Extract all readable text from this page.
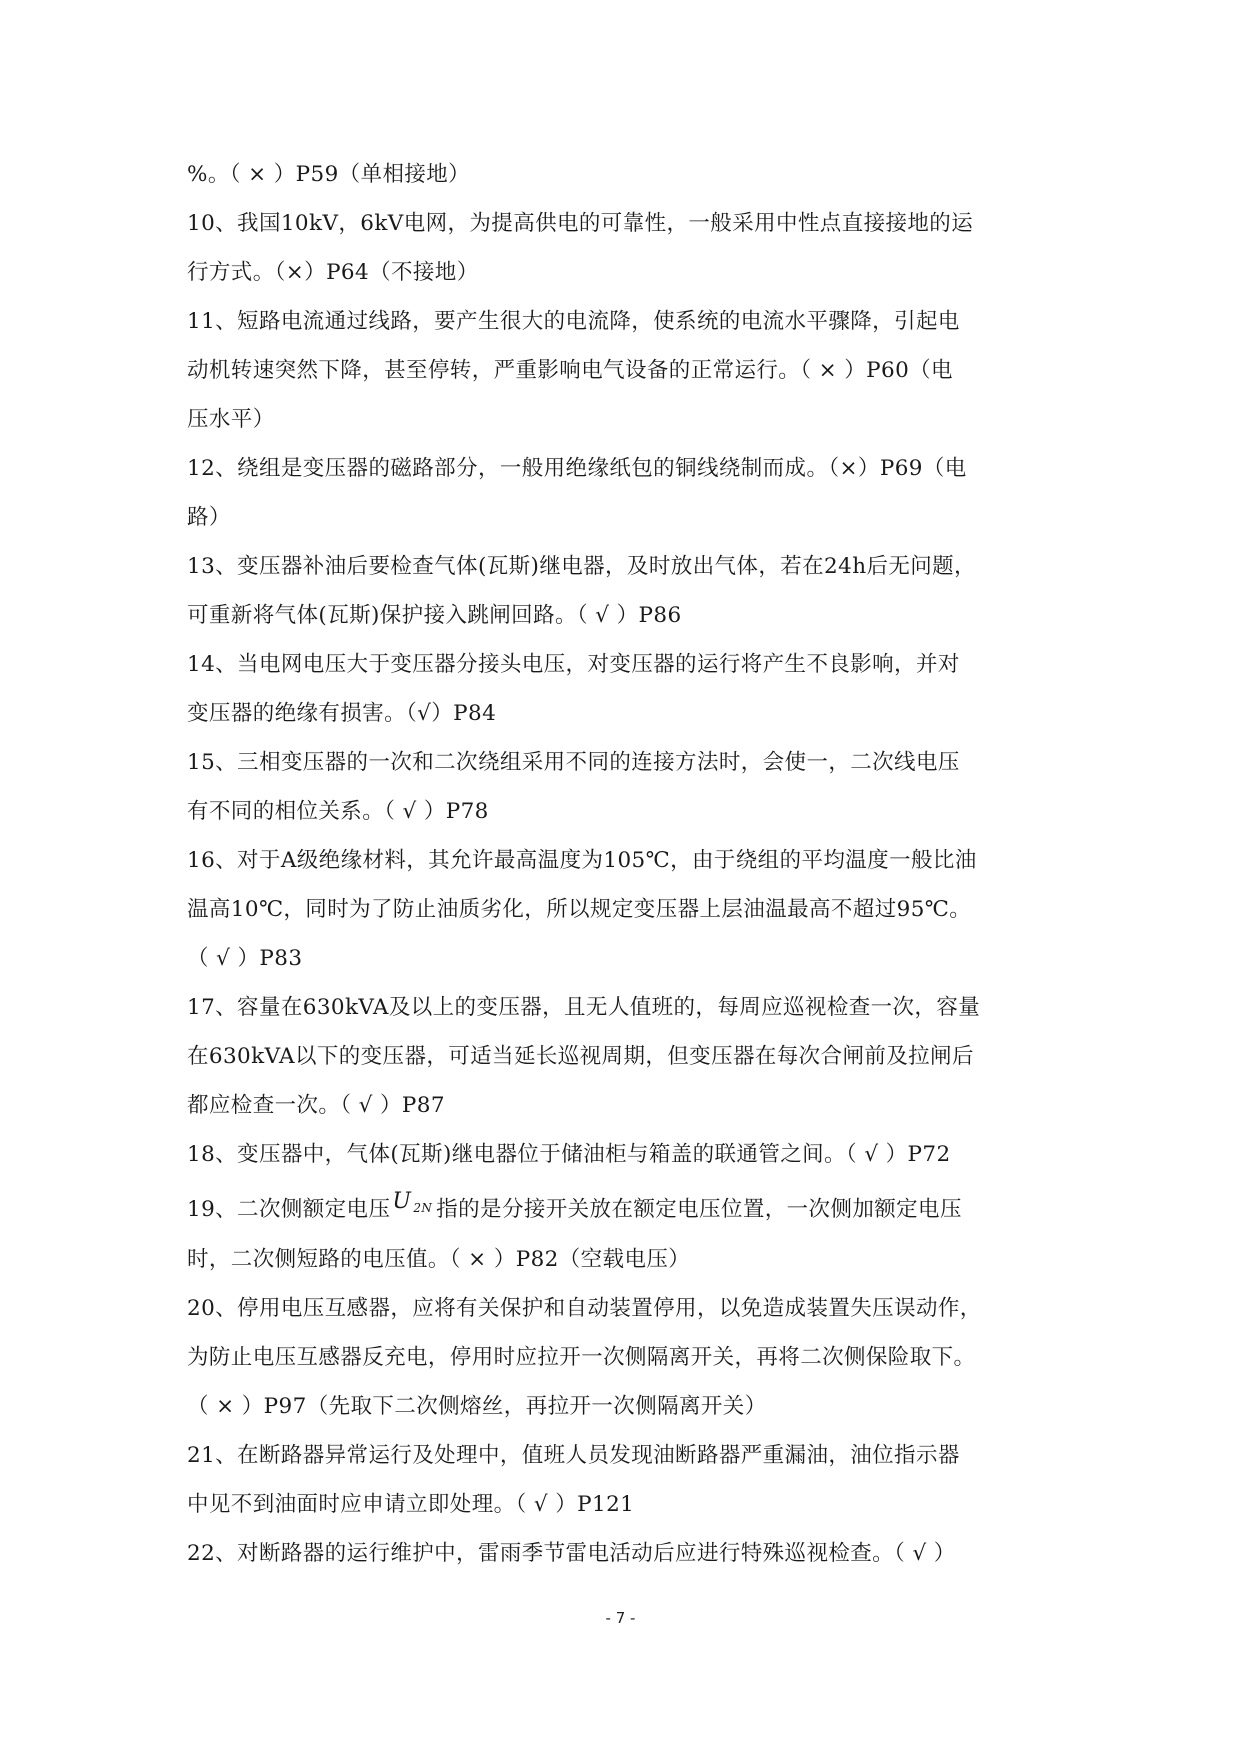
%。（ × ）P59（单相接地）
10、我国10kV，6kV电网，为提高供电的可靠性，一般采用中性点直接接地的运
行方式。（×）P64（不接地）
11、短路电流通过线路，要产生很大的电流降，使系统的电流水平骤降，引起电
动机转速突然下降，甚至停转，严重影响电气设备的正常运行。（ × ）P60（电
压水平）
12、绕组是变压器的磁路部分，一般用绝缘纸包的铜线绕制而成。（×）P69（电
路）
13、变压器补油后要检查气体(瓦斯)继电器，及时放出气体，若在24h后无问题，
可重新将气体(瓦斯)保护接入跳闸回路。（ √ ）P86
14、当电网电压大于变压器分接头电压，对变压器的运行将产生不良影响，并对
变压器的绝缘有损害。（√）P84
15、三相变压器的一次和二次绕组采用不同的连接方法时，会使一，二次线电压
有不同的相位关系。（ √ ）P78
16、对于A级绝缘材料，其允许最高温度为105℃，由于绕组的平均温度一般比油
温高10℃，同时为了防止油质劣化，所以规定变压器上层油温最高不超过95℃。
（ √ ）P83
17、容量在630kVA及以上的变压器，且无人值班的，每周应巡视检查一次，容量
在630kVA以下的变压器，可适当延长巡视周期，但变压器在每次合闸前及拉闸后
都应检查一次。（ √ ）P87
18、变压器中，气体(瓦斯)继电器位于储油柜与箱盖的联通管之间。（ √ ）P72
19、二次侧额定电压U $_{2N}$ 指的是分接开关放在额定电压位置，一次侧加额定电压
时，二次侧短路的电压值。（ × ）P82（空载电压）
20、停用电压互感器，应将有关保护和自动装置停用，以免造成装置失压误动作，
为防止电压互感器反充电，停用时应拉开一次侧隔离开关，再将二次侧保险取下。
（ × ）P97（先取下二次侧熔丝，再拉开一次侧隔离开关）
21、在断路器异常运行及处理中，值班人员发现油断路器严重漏油，油位指示器
中见不到油面时应申请立即处理。（ √ ）P121
22、对断路器的运行维护中，雷雨季节雷电活动后应进行特殊巡视检查。（ √ ）
- 7 -
